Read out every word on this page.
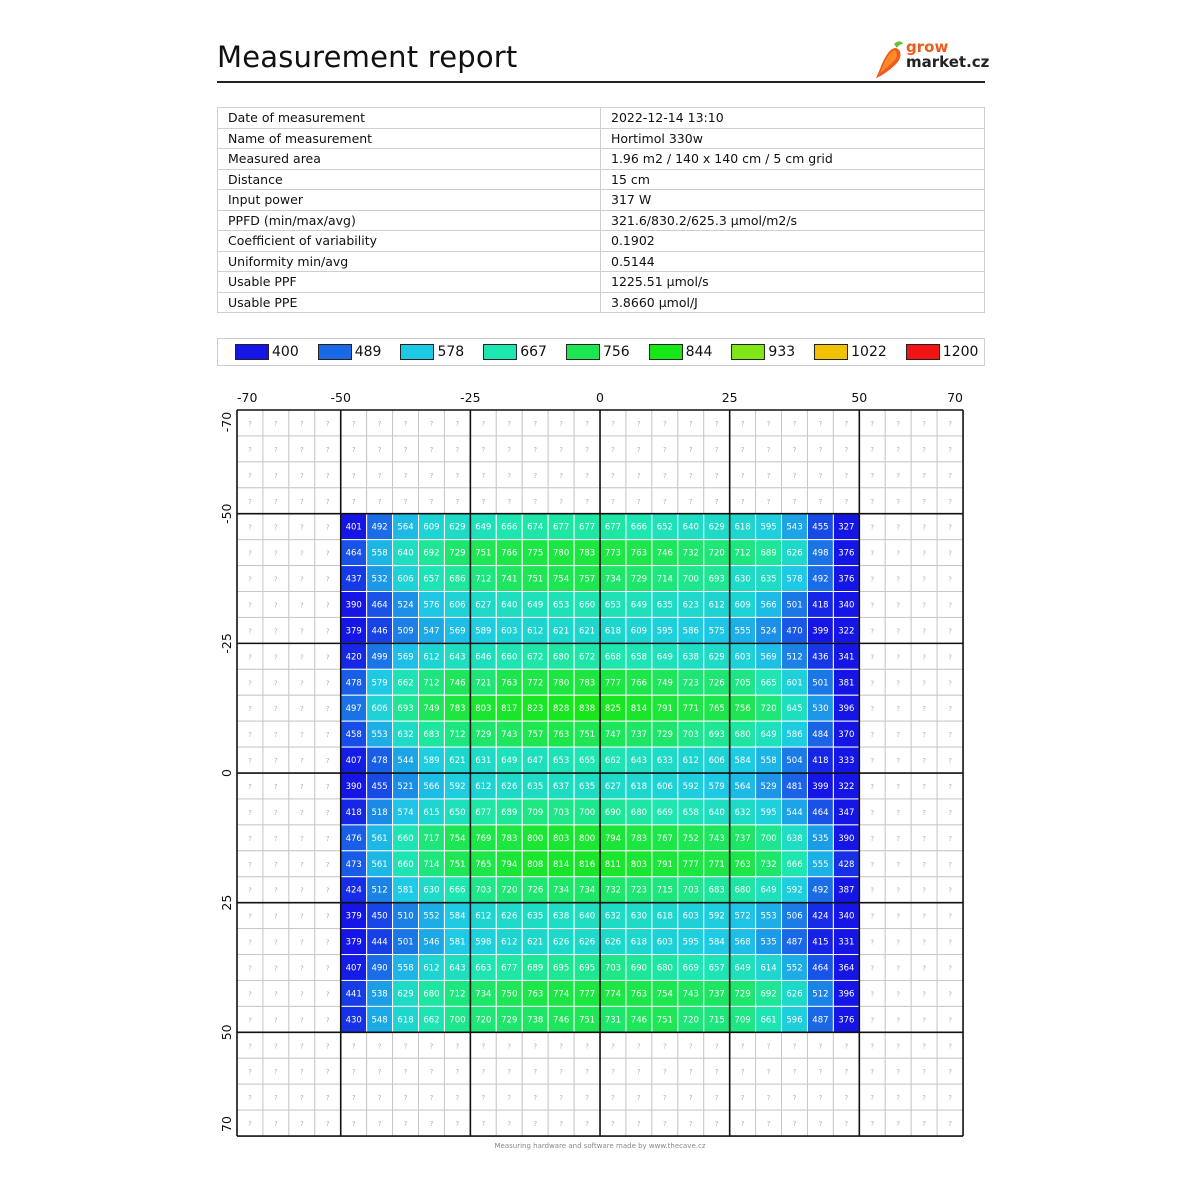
Measurement report	grow
market.cz
Date of measurement	2022-12-14 13:10
Name of measurement	Hortimol 330w
Measured area	1.96 m2 / 140 x 140 cm / 5 cm grid
Distance	15 cm
Input power	317 W
PPFD (min/max/avg)	321.6/830.2/625.3 μmol/m2/s
Coefficient of variability	0.1902
Uniformity min/avg	0.5144
Usable PPF	1225.51 μmol/s
Usable PPE	3.8660 μmol/J
400	489	578	667	756	844	933	1022	1200
?	?	?	?	?	?	?	?	?	?	?	?	?	?	?	?	?	?	?	?	?	?	?	?	?	?	?	?
?	?	?	?	?	?	?	?	?	?	?	?	?	?	?	?	?	?	?	?	?	?	?	?	?	?	?	?
?	?	?	?	?	?	?	?	?	?	?	?	?	?	?	?	?	?	?	?	?	?	?	?	?	?	?	?
?	?	?	?	?	?	?	?	?	?	?	?	?	?	?	?	?	?	?	?	?	?	?	?	?	?	?	?
?	?	?	? 401 492 564 609 629 649 666 674 677 677 677 666 652 640 629 618 595 543 455 327 ?	?	?	?
?	?	?	? 464 558 640 692 729 751 766 775 780 783 773 763 746 732 720 712 689 626 498 376 ?	?	?	?
?	?	?	? 437 532 606 657 686 712 741 751 754 757 734 729 714 700 693 630 635 578 492 376 ?	?	?	?
?	?	?	? 390 464 524 576 606 627 640 649 653 660 653 649 635 623 612 609 566 501 418 340 ?	?	?	?
?	?	?	? 379 446 509 547 569 589 603 612 621 621 618 609 595 586 575 555 524 470 399 322 ?	?	?	?
?	?	?	? 420 499 569 612 643 646 660 672 680 672 668 658 649 638 629 603 569 512 436 341 ?	?	?	?
?	?	?	? 478 579 662 712 746 721 763 772 780 783 777 766 749 723 726 705 665 601 501 381 ?	?	?	?
?	?	?	? 497 606 693 749 783 803 817 823 828 838 825 814 791 771 765 756 720 645 530 396 ?	?	?	?
?	?	?	? 458 553 632 683 712 729 743 757 763 751 747 737 729 703 693 680 649 586 484 370 ?	?	?	?
?	?	?	? 407 478 544 589 621 631 649 647 653 665 662 643 633 612 606 584 558 504 418 333 ?	?	?	?
?	?	?	? 390 455 521 566 592 612 626 635 637 635 627 618 606 592 579 564 529 481 399 322 ?	?	?	?
?	?	?	? 418 518 574 615 650 677 689 709 703 700 690 680 669 658 640 632 595 544 464 347 ?	?	?	?
?	?	?	? 476 561 660 717 754 769 783 800 803 800 794 783 767 752 743 737 700 638 535 390 ?	?	?	?
?	?	?	? 473 561 660 714 751 765 794 808 814 816 811 803 791 777 771 763 732 666 555 428 ?	?	?	?
?	?	?	? 424 512 581 630 666 703 720 726 734 734 732 723 715 703 683 680 649 592 492 387 ?	?	?	?
?	?	?	? 379 450 510 552 584 612 626 635 638 640 632 630 618 603 592 572 553 506 424 340 ?	?	?	?
?	?	?	? 379 444 501 546 581 598 612 621 626 626 626 618 603 595 584 568 535 487 415 331 ?	?	?	?
?	?	?	? 407 490 558 612 643 663 677 689 695 695 703 690 680 669 657 649 614 552 464 364 ?	?	?	?
?	?	?	? 441 538 629 680 712 734 750 763 774 777 774 763 754 743 737 729 692 626 512 396 ?	?	?	?
?	?	?	? 430 548 618 662 700 720 729 738 746 751 731 746 751 720 715 709 661 596 487 376 ?	?	?	?
?	?	?	?	?	?	?	?	?	?	?	?	?	?	?	?	?	?	?	?	?	?	?	?	?	?	?	?
?	?	?	?	?	?	?	?	?	?	?	?	?	?	?	?	?	?	?	?	?	?	?	?	?	?	?	?
?	?	?	?	?	?	?	?	?	?	?	?	?	?	?	?	?	?	?	?	?	?	?	?	?	?	?	?
?	?	?	?	?	?	?	?	?	?	?	?	?	?	?	?	?	?	?	?	?	?	?	?	?	?	?	?
-70	-50	-25	0	25	50	70
-70
-50
-25
0
25
50
70
Measuring hardware and software made by www.thecave.cz
